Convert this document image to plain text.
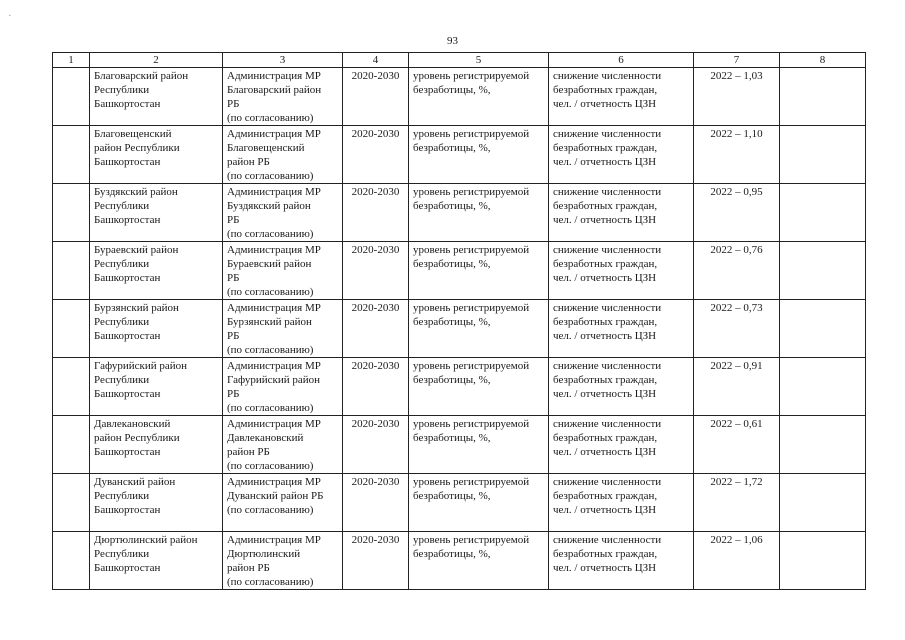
·
93
1	2	3	4	5	6	7	8

	Благоварский район
Республики
Башкортостан	Администрация МР
Благоварский район
РБ
(по согласованию)	2020-2030	уровень регистрируемой
безработицы, %,	снижение численности
безработных граждан,
чел. / отчетность ЦЗН	2022 – 1,03	

	Благовещенский
район Республики
Башкортостан	Администрация МР
Благовещенский
район РБ
(по согласованию)	2020-2030	уровень регистрируемой
безработицы, %,	снижение численности
безработных граждан,
чел. / отчетность ЦЗН	2022 – 1,10	

	Буздякский район
Республики
Башкортостан	Администрация МР
Буздякский район
РБ
(по согласованию)	2020-2030	уровень регистрируемой
безработицы, %,	снижение численности
безработных граждан,
чел. / отчетность ЦЗН	2022 – 0,95	

	Бураевский район
Республики
Башкортостан	Администрация МР
Бураевский район
РБ
(по согласованию)	2020-2030	уровень регистрируемой
безработицы, %,	снижение численности
безработных граждан,
чел. / отчетность ЦЗН	2022 – 0,76	

	Бурзянский район
Республики
Башкортостан	Администрация МР
Бурзянский район
РБ
(по согласованию)	2020-2030	уровень регистрируемой
безработицы, %,	снижение численности
безработных граждан,
чел. / отчетность ЦЗН	2022 – 0,73	

	Гафурийский район
Республики
Башкортостан	Администрация МР
Гафурийский район
РБ
(по согласованию)	2020-2030	уровень регистрируемой
безработицы, %,	снижение численности
безработных граждан,
чел. / отчетность ЦЗН	2022 – 0,91	

	Давлекановский
район Республики
Башкортостан	Администрация МР
Давлекановский
район РБ
(по согласованию)	2020-2030	уровень регистрируемой
безработицы, %,	снижение численности
безработных граждан,
чел. / отчетность ЦЗН	2022 – 0,61	

	Дуванский район
Республики
Башкортостан	Администрация МР
Дуванский район РБ
(по согласованию)	2020-2030	уровень регистрируемой
безработицы, %,	снижение численности
безработных граждан,
чел. / отчетность ЦЗН	2022 – 1,72	

	Дюртюлинский район
Республики
Башкортостан	Администрация МР
Дюртюлинский
район РБ
(по согласованию)	2020-2030	уровень регистрируемой
безработицы, %,	снижение численности
безработных граждан,
чел. / отчетность ЦЗН	2022 – 1,06	
